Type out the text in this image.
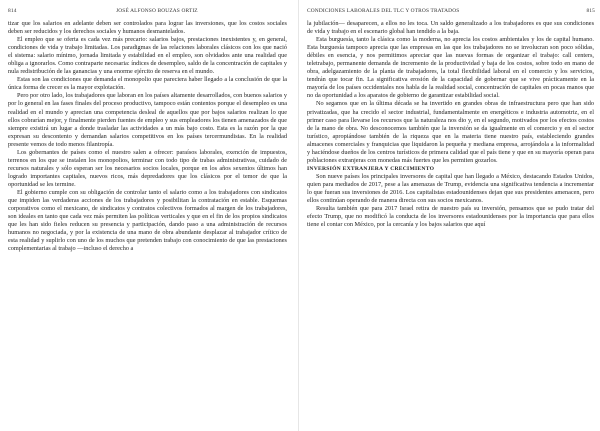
814	JOSÉ ALFONSO BOUZAS ORTIZ

tizar que los salarios en adelante deben ser controlados para lograr las inversiones, que los costos sociales deben ser reducidos y los derechos sociales y humanos desmantelados.

El empleo que se oferta es cada vez más precario: salarios bajos, prestaciones inexistentes y, en general, condiciones de vida y trabajo limitadas. Los paradigmas de las relaciones laborales clásicos con los que nació el sistema: salario mínimo, jornada limitada y estabilidad en el empleo, son olvidados ante una realidad que obliga a ignorarlos. Como contraparte necesaria: índices de desempleo, saldo de la concentración de capitales y nula redistribución de las ganancias y una enorme ejército de reserva en el mundo.

Estas son las condiciones que demanda el monopolio que pareciera haber llegado a la conclusión de que la única forma de crecer es la mayor explotación.

Pero por otro lado, los trabajadores que laboran en los países altamente desarrollados, con buenos salarios y por lo general en las fases finales del proceso productivo, tampoco están contentos porque el desempleo es una realidad en el mundo y aprecian una competencia desleal de aquellos que por bajos salarios realizan lo que ellos cobrarían mejor, y finalmente pierden fuentes de empleo y sus empleadores los tienen amenazados de que siempre existirá un lugar a donde trasladar las actividades a un más bajo costo. Esta es la razón por la que expresan su descontento y demandan salarios competitivos en los países tercermundistas. En la realidad presente vemos de todo menos filantropía.

Los gobernantes de países como el nuestro salen a ofrecer: paraísos laborales, exención de impuestos, terrenos en los que se instalen los monopolios, terminar con todo tipo de trabas administrativas, cuidado de recursos naturales y sólo esperan ser los necesarios socios locales, porque en los años sexenios últimos han logrado importantes capitales, nuevos ricos, más depredadores que los clásicos por el temor de que la oportunidad se les termine.

El gobierno cumple con su obligación de controlar tanto el salario como a los trabajadores con sindicatos que impiden las verdaderas acciones de los trabajadores y posibilitan la contratación en estable. Esquemas corporativos como el mexicano, de sindicatos y contratos colectivos formados al margen de los trabajadores, son ideales en tanto que cada vez más permiten las políticas verticales y que en el fin de los propios sindicatos que les han sido fieles reducen su presencia y participación, dando paso a una administración de recursos humanos no negociada, y por la existencia de una mano de obra abundante desplazar al trabajador crítico de esta realidad y suplirlo con uno de los muchos que pretenden trabajo con conocimiento de que las prestaciones complementarias al trabajo —incluso el derecho a

CONDICIONES LABORALES DEL TLC Y OTROS TRATADOS	815

la jubilación— desaparecen, a ellos no les toca. Un saldo generalizado a los trabajadores es que sus condiciones de vida y trabajo en el escenario global han tendido a la baja.

Esta burguesía, tanto la clásica como la moderna, no aprecia los costos ambientales y los de capital humano. Esta burguesía tampoco aprecia que las empresas en las que los trabajadores no se involucran son poco sólidas, débiles en esencia, y nos permitimos apreciar que las nuevas formas de organizar el trabajo: call centers, teletrabajo, permanente demanda de incremento de la productividad y baja de los costos, sobre todo en mano de obra, adelgazamiento de la planta de trabajadores, la total flexibilidad laboral en el comercio y los servicios, tendrán que tocar fin. La significativa erosión de la capacidad de gobernar que se vive prácticamente en la mayoría de los países occidentales nos habla de la realidad social, concentración de capitales en pocas manos que no da oportunidad a los aparatos de gobierno de garantizar estabilidad social.

No segamos que en la última década se ha invertido en grandes obras de infraestructura pero que han sido privatizadas, que ha crecido el sector industrial, fundamentalmente en energéticos e industria automotriz, en el primer caso para llevarse los recursos que la naturaleza nos dio y, en el segundo, motivados por los efectos costos de la mano de obra. No desconocemos también que la inversión se da igualmente en el comercio y en el sector turístico, apropiándose también de la riqueza que en la materia tiene nuestro país, estableciendo grandes almacenes comerciales y franquicias que liquidaron la pequeña y mediana empresa, arrojándola a la informalidad y haciéndose dueños de los centros turísticos de primera calidad que el país tiene y que en su mayoría operan para poblaciones extranjeras con monedas más fuertes que les permiten gozarlos.

INVERSIÓN EXTRANJERA Y CRECIMIENTO

Son nueve países los principales inversores de capital que han llegado a México, destacando Estados Unidos, quien para mediados de 2017, pese a las amenazas de Trump, evidencia una significativa tendencia a incrementar lo que fueran sus inversiones de 2016. Los capitalistas estadounidenses dejan que sus presidentes amenacen, pero ellos continúan operando de manera directa con sus socios mexicanos.

Resulta también que para 2017 Israel retira de nuestro país su inversión, pensamos que se pudo tratar del efecto Trump, que no modificó la conducta de los inversores estadounidenses por la importancia que para ellos tiene el contar con México, por la cercanía y los bajos salarios que aquí
